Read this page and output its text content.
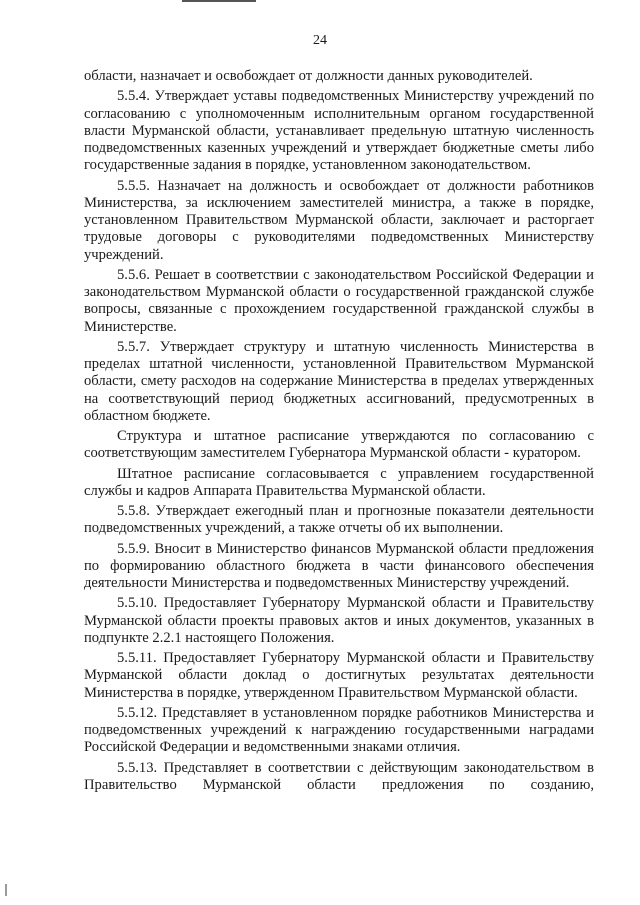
24

области, назначает и освобождает от должности данных руководителей.

5.5.4. Утверждает уставы подведомственных Министерству учреждений по согласованию с уполномоченным исполнительным органом государственной власти Мурманской области, устанавливает предельную штатную численность подведомственных казенных учреждений и утверждает бюджетные сметы либо государственные задания в порядке, установленном законодательством.

5.5.5. Назначает на должность и освобождает от должности работников Министерства, за исключением заместителей министра, а также в порядке, установленном Правительством Мурманской области, заключает и расторгает трудовые договоры с руководителями подведомственных Министерству учреждений.

5.5.6. Решает в соответствии с законодательством Российской Федерации и законодательством Мурманской области о государственной гражданской службе вопросы, связанные с прохождением государственной гражданской службы в Министерстве.

5.5.7. Утверждает структуру и штатную численность Министерства в пределах штатной численности, установленной Правительством Мурманской области, смету расходов на содержание Министерства в пределах утвержденных на соответствующий период бюджетных ассигнований, предусмотренных в областном бюджете.

Структура и штатное расписание утверждаются по согласованию с соответствующим заместителем Губернатора Мурманской области - куратором.

Штатное расписание согласовывается с управлением государственной службы и кадров Аппарата Правительства Мурманской области.

5.5.8. Утверждает ежегодный план и прогнозные показатели деятельности подведомственных учреждений, а также отчеты об их выполнении.

5.5.9. Вносит в Министерство финансов Мурманской области предложения по формированию областного бюджета в части финансового обеспечения деятельности Министерства и подведомственных Министерству учреждений.

5.5.10. Предоставляет Губернатору Мурманской области и Правительству Мурманской области проекты правовых актов и иных документов, указанных в подпункте 2.2.1 настоящего Положения.

5.5.11. Предоставляет Губернатору Мурманской области и Правительству Мурманской области доклад о достигнутых результатах деятельности Министерства в порядке, утвержденном Правительством Мурманской области.

5.5.12. Представляет в установленном порядке работников Министерства и подведомственных учреждений к награждению государственными наградами Российской Федерации и ведомственными знаками отличия.

5.5.13. Представляет в соответствии с действующим законодательством в Правительство Мурманской области предложения по созданию,
